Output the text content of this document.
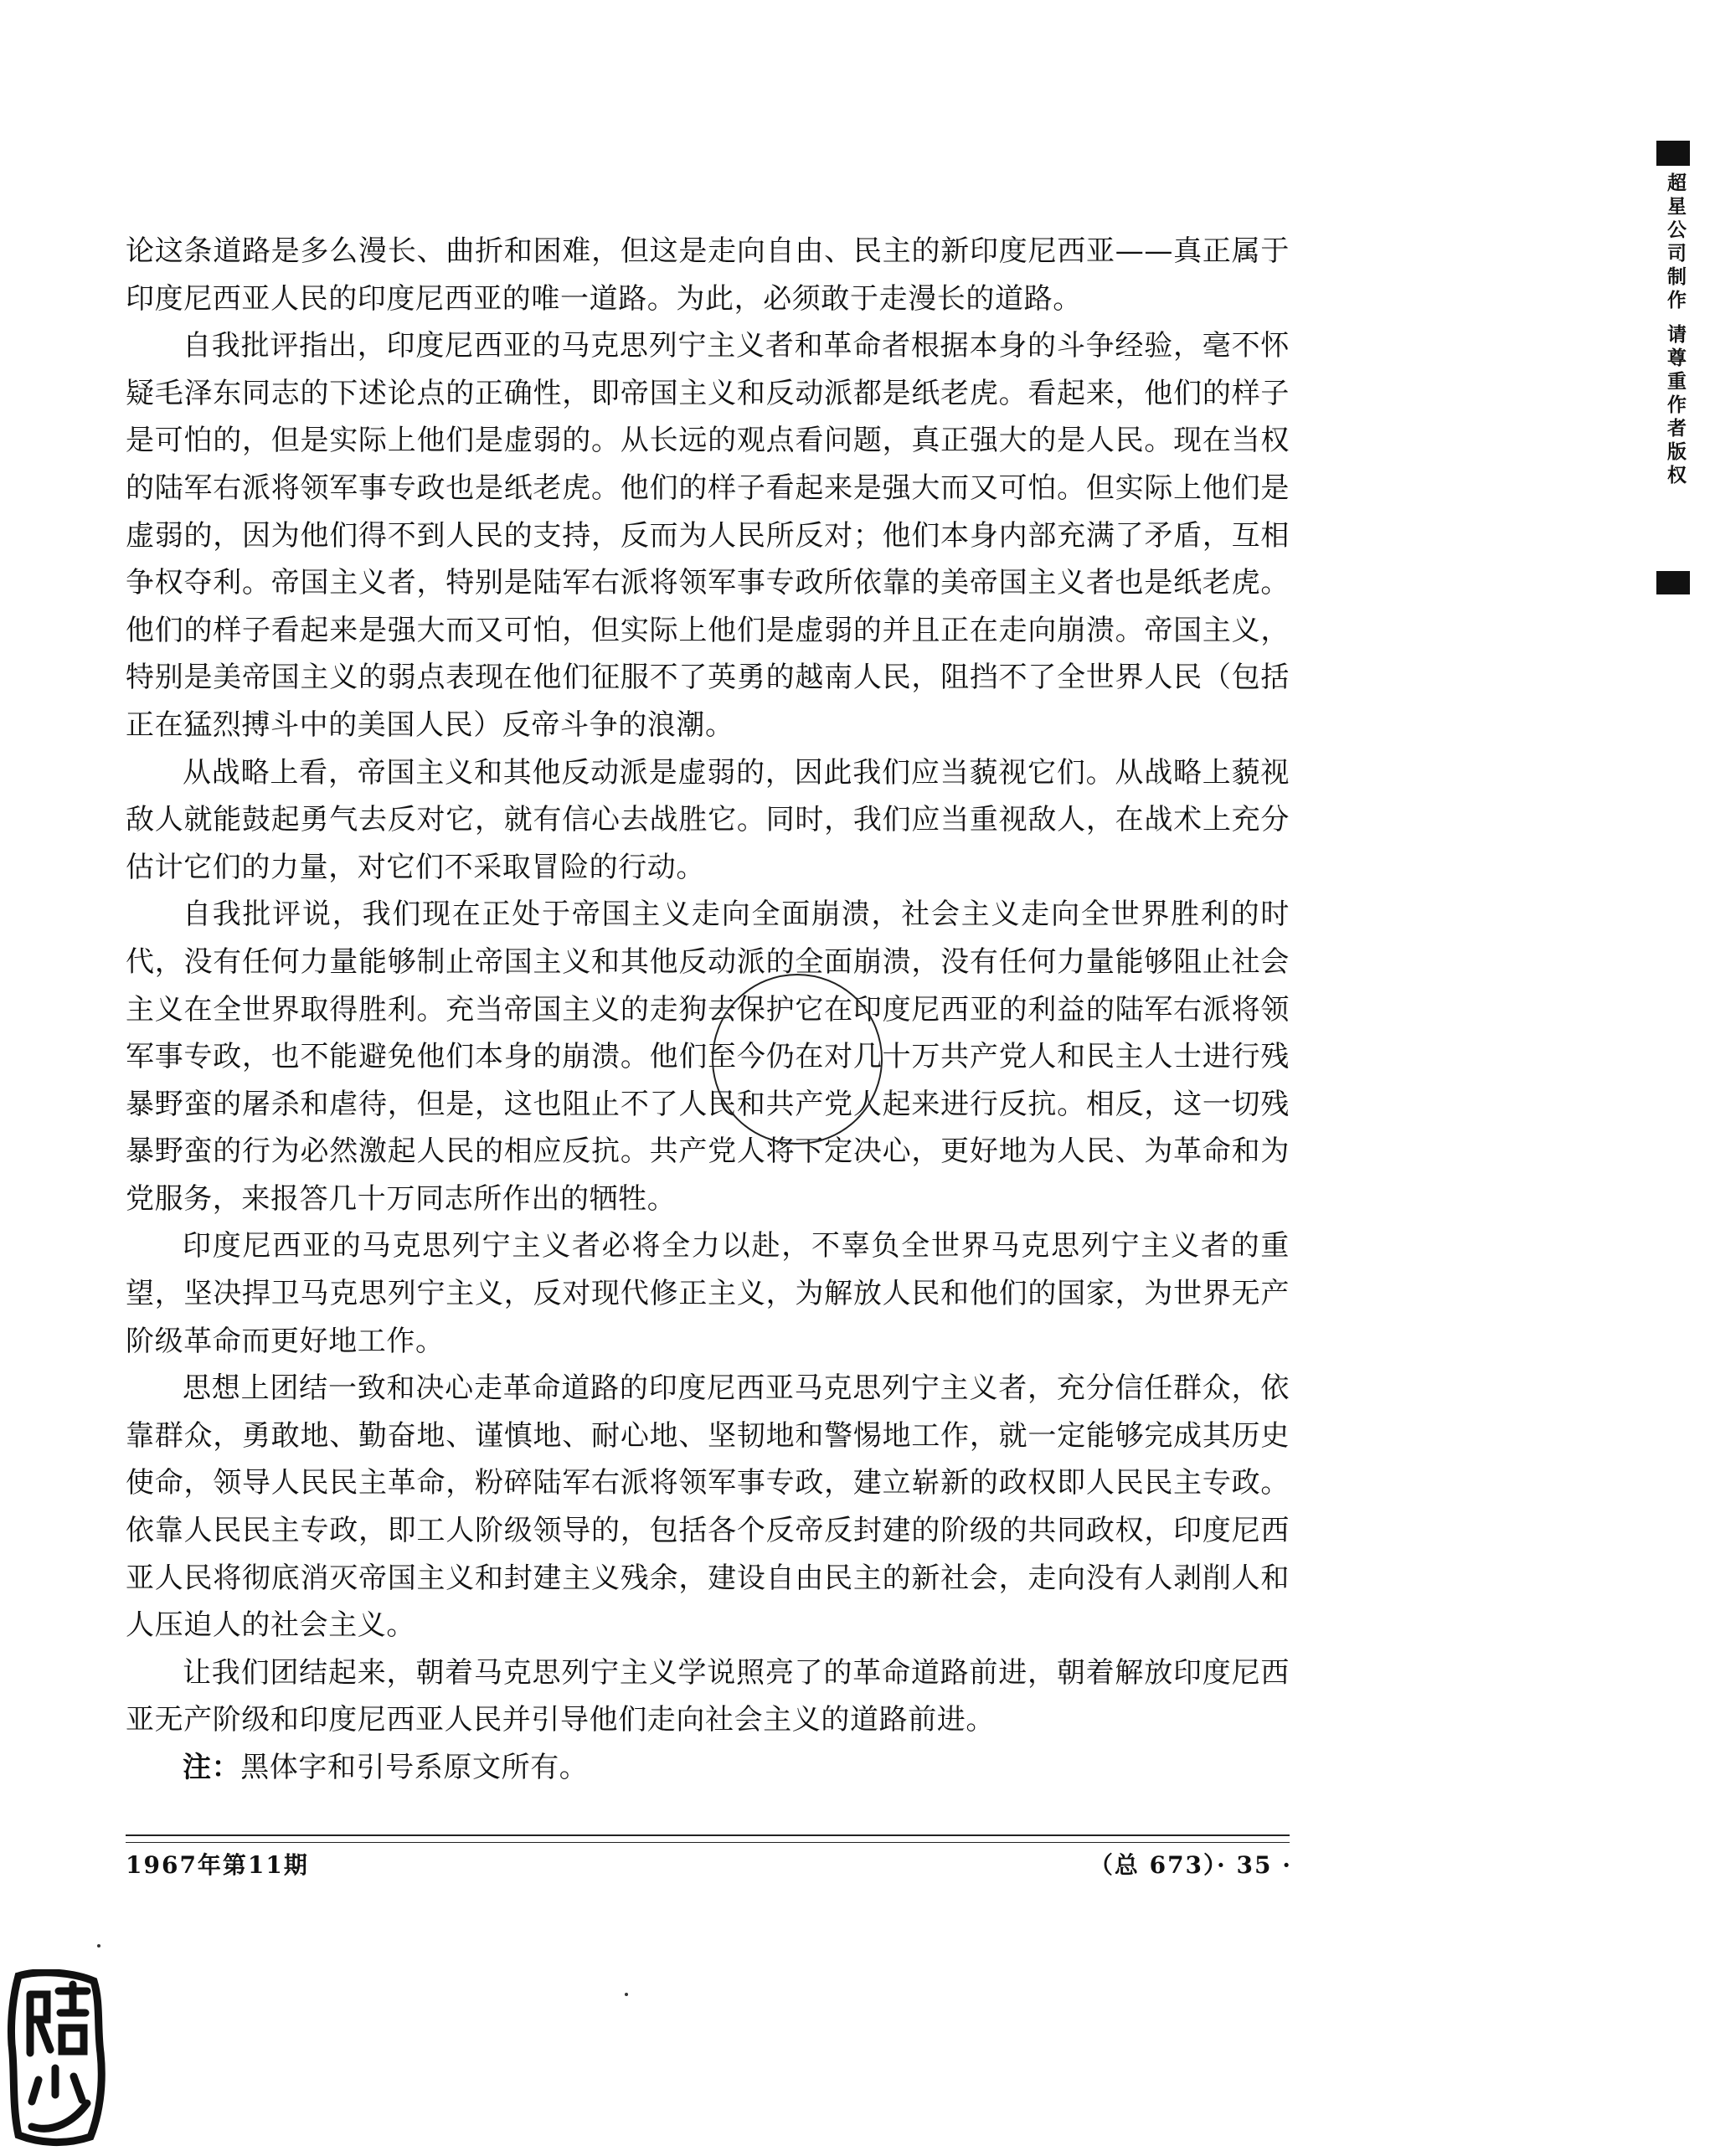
论这条道路是多么漫长、曲折和困难，但这是走向自由、民主的新印度尼西亚——真正属于印度尼西亚人民的印度尼西亚的唯一道路。为此，必须敢于走漫长的道路。

自我批评指出，印度尼西亚的马克思列宁主义者和革命者根据本身的斗争经验，毫不怀疑毛泽东同志的下述论点的正确性，即帝国主义和反动派都是纸老虎。看起来，他们的样子是可怕的，但是实际上他们是虚弱的。从长远的观点看问题，真正强大的是人民。现在当权的陆军右派将领军事专政也是纸老虎。他们的样子看起来是强大而又可怕。但实际上他们是虚弱的，因为他们得不到人民的支持，反而为人民所反对；他们本身内部充满了矛盾，互相争权夺利。帝国主义者，特别是陆军右派将领军事专政所依靠的美帝国主义者也是纸老虎。他们的样子看起来是强大而又可怕，但实际上他们是虚弱的并且正在走向崩溃。帝国主义，特别是美帝国主义的弱点表现在他们征服不了英勇的越南人民，阻挡不了全世界人民（包括正在猛烈搏斗中的美国人民）反帝斗争的浪潮。

从战略上看，帝国主义和其他反动派是虚弱的，因此我们应当藐视它们。从战略上藐视敌人就能鼓起勇气去反对它，就有信心去战胜它。同时，我们应当重视敌人，在战术上充分估计它们的力量，对它们不采取冒险的行动。

自我批评说，我们现在正处于帝国主义走向全面崩溃，社会主义走向全世界胜利的时代，没有任何力量能够制止帝国主义和其他反动派的全面崩溃，没有任何力量能够阻止社会主义在全世界取得胜利。充当帝国主义的走狗去保护它在印度尼西亚的利益的陆军右派将领军事专政，也不能避免他们本身的崩溃。他们至今仍在对几十万共产党人和民主人士进行残暴野蛮的屠杀和虐待，但是，这也阻止不了人民和共产党人起来进行反抗。相反，这一切残暴野蛮的行为必然激起人民的相应反抗。共产党人将下定决心，更好地为人民、为革命和为党服务，来报答几十万同志所作出的牺牲。

印度尼西亚的马克思列宁主义者必将全力以赴，不辜负全世界马克思列宁主义者的重望，坚决捍卫马克思列宁主义，反对现代修正主义，为解放人民和他们的国家，为世界无产阶级革命而更好地工作。

思想上团结一致和决心走革命道路的印度尼西亚马克思列宁主义者，充分信任群众，依靠群众，勇敢地、勤奋地、谨慎地、耐心地、坚韧地和警惕地工作，就一定能够完成其历史使命，领导人民民主革命，粉碎陆军右派将领军事专政，建立崭新的政权即人民民主专政。依靠人民民主专政，即工人阶级领导的，包括各个反帝反封建的阶级的共同政权，印度尼西亚人民将彻底消灭帝国主义和封建主义残余，建设自由民主的新社会，走向没有人剥削人和人压迫人的社会主义。

让我们团结起来，朝着马克思列宁主义学说照亮了的革命道路前进，朝着解放印度尼西亚无产阶级和印度尼西亚人民并引导他们走向社会主义的道路前进。

注：黑体字和引号系原文所有。

1967年第11期	（总 673）· 35 ·
超星公司制作 请尊重作者版权
